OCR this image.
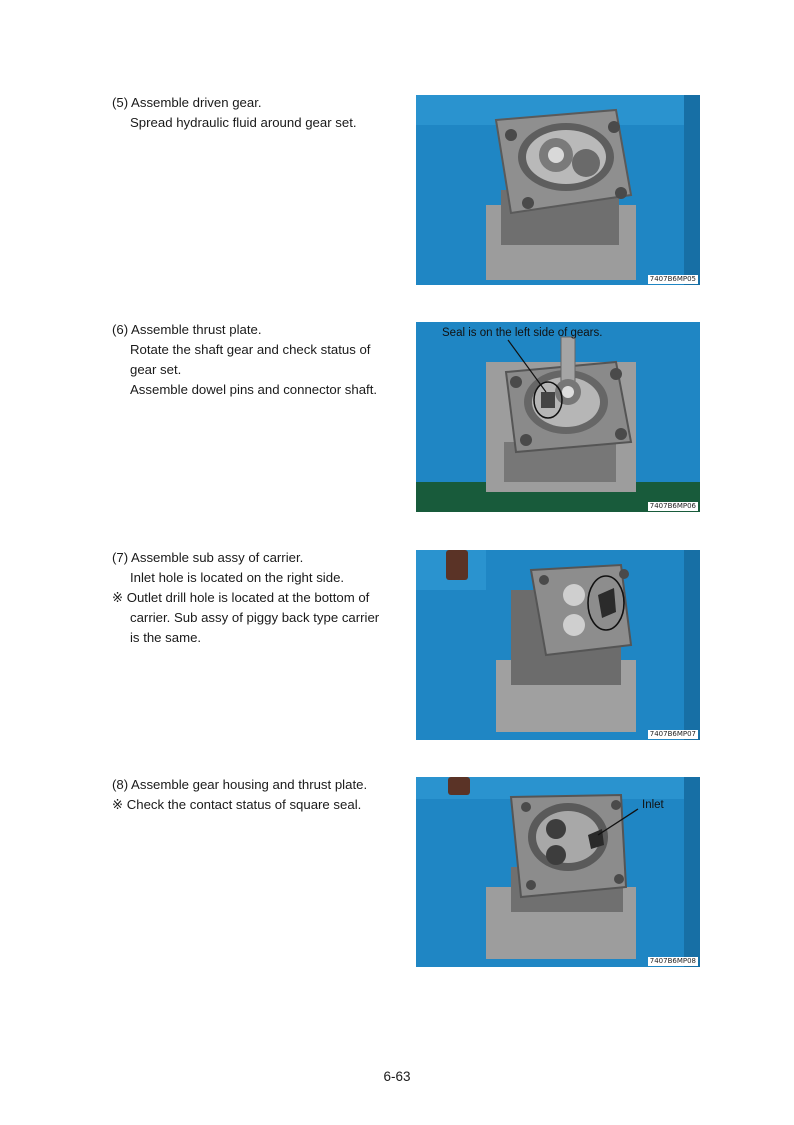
(5) Assemble driven gear.
Spread hydraulic fluid around gear set.
7407B6MP05
(6) Assemble thrust plate.
Rotate the shaft gear and check status of
gear set.
Assemble dowel pins and connector shaft.
Seal is on the left side of gears.
7407B6MP06
(7) Assemble sub assy of carrier.
Inlet hole is located on the right side.
※ Outlet drill hole is located at the bottom of carrier. Sub assy of piggy back type carrier is the same.
7407B6MP07
(8) Assemble gear housing and thrust plate.
※ Check the contact status of square seal.	Inlet
7407B6MP08
6-63
